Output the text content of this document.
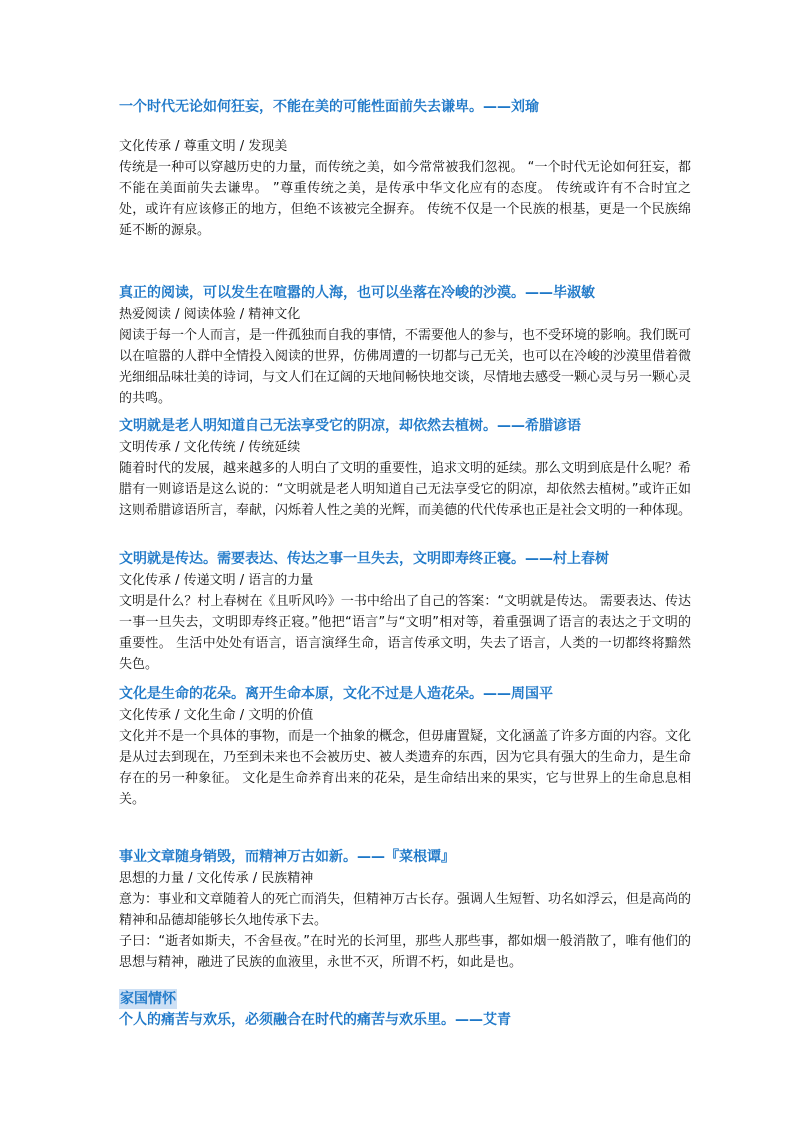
一个时代无论如何狂妄，不能在美的可能性面前失去谦卑。——刘瑜

文化传承 / 尊重文明 / 发现美

传统是一种可以穿越历史的力量，而传统之美，如今常常被我们忽视。 “一个时代无论如何狂妄，都不能在美面前失去谦卑。 ”尊重传统之美，是传承中华文化应有的态度。 传统或许有不合时宜之处，或许有应该修正的地方，但绝不该被完全摒弃。 传统不仅是一个民族的根基，更是一个民族绵延不断的源泉。

真正的阅读，可以发生在喧嚣的人海，也可以坐落在冷峻的沙漠。——毕淑敏

热爱阅读 / 阅读体验 / 精神文化

阅读于每一个人而言，是一件孤独而自我的事情，不需要他人的参与，也不受环境的影响。我们既可以在喧嚣的人群中全情投入阅读的世界，仿佛周遭的一切都与己无关，也可以在冷峻的沙漠里借着微光细细品味壮美的诗词，与文人们在辽阔的天地间畅快地交谈，尽情地去感受一颗心灵与另一颗心灵的共鸣。

文明就是老人明知道自己无法享受它的阴凉，却依然去植树。——希腊谚语

文明传承 / 文化传统 / 传统延续

随着时代的发展，越来越多的人明白了文明的重要性，追求文明的延续。那么文明到底是什么呢？希腊有一则谚语是这么说的：“文明就是老人明知道自己无法享受它的阴凉，却依然去植树。”或许正如这则希腊谚语所言，奉献，闪烁着人性之美的光辉，而美德的代代传承也正是社会文明的一种体现。

文明就是传达。需要表达、传达之事一旦失去，文明即寿终正寝。——村上春树

文化传承 / 传递文明 / 语言的力量

文明是什么？村上春树在《且听风吟》一书中给出了自己的答案：“文明就是传达。 需要表达、传达一事一旦失去，文明即寿终正寝。”他把“语言”与“文明”相对等，着重强调了语言的表达之于文明的重要性。 生活中处处有语言，语言演绎生命，语言传承文明，失去了语言，人类的一切都终将黯然失色。

文化是生命的花朵。离开生命本原，文化不过是人造花朵。——周国平

文化传承 / 文化生命 / 文明的价值

文化并不是一个具体的事物，而是一个抽象的概念，但毋庸置疑，文化涵盖了许多方面的内容。文化是从过去到现在，乃至到未来也不会被历史、被人类遗弃的东西，因为它具有强大的生命力，是生命存在的另一种象征。 文化是生命养育出来的花朵，是生命结出来的果实，它与世界上的生命息息相关。

事业文章随身销毁，而精神万古如新。——『菜根谭』

思想的力量 / 文化传承 / 民族精神

意为：事业和文章随着人的死亡而消失，但精神万古长存。强调人生短暂、功名如浮云，但是高尚的精神和品德却能够长久地传承下去。

子曰：“逝者如斯夫，不舍昼夜。”在时光的长河里，那些人那些事，都如烟一般消散了，唯有他们的思想与精神，融进了民族的血液里，永世不灭，所谓不朽，如此是也。

家国情怀

个人的痛苦与欢乐，必须融合在时代的痛苦与欢乐里。——艾青
